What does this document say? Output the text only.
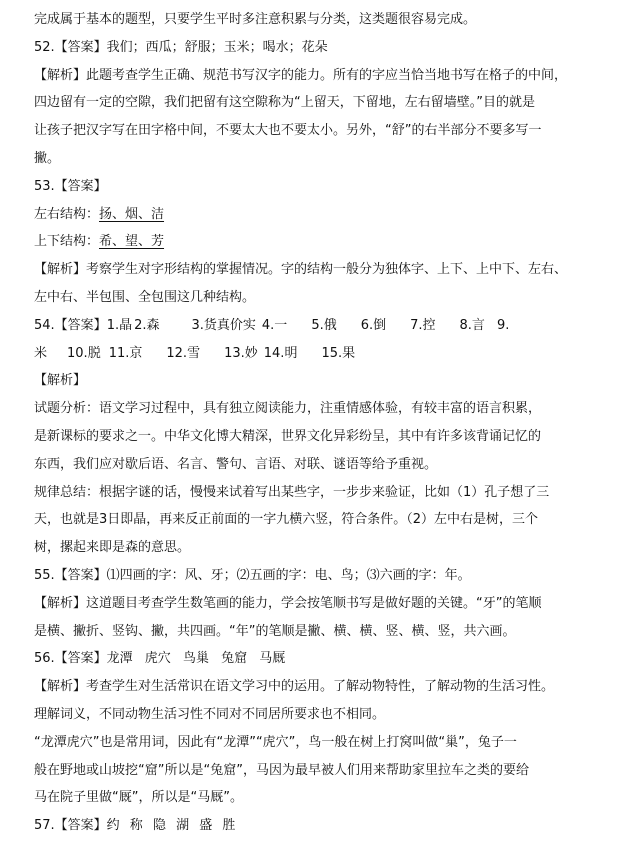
完成属于基本的题型，只要学生平时多注意积累与分类，这类题很容易完成。
52.【答案】我们；西瓜；舒服；玉米；喝水；花朵
【解析】此题考查学生正确、规范书写汉字的能力。所有的字应当恰当地书写在格子的中间，
四边留有一定的空隙，我们把留有这空隙称为“上留天，下留地，左右留墙壁。”目的就是
让孩子把汉字写在田字格中间，不要太大也不要太小。另外，“舒”的右半部分不要多写一
撇。
53.【答案】
左右结构：扬、烟、洁
上下结构：希、望、芳
【解析】考察学生对字形结构的掌握情况。字的结构一般分为独体字、上下、上中下、左右、
左中右、半包围、全包围这几种结构。
54.【答案】1.晶 2.森 3.货真价实 4.一 5.俄 6.倒 7.控 8.言 9.
米 10.脱 11.京 12.雪 13.妙 14.明 15.果
【解析】
试题分析：语文学习过程中，具有独立阅读能力，注重情感体验，有较丰富的语言积累，
是新课标的要求之一。中华文化博大精深，世界文化异彩纷呈，其中有许多该背诵记忆的
东西，我们应对歇后语、名言、警句、言语、对联、谜语等给予重视。
规律总结：根据字谜的话，慢慢来试着写出某些字，一步步来验证，比如（1）孔子想了三
天，也就是3日即晶，再来反正前面的一字九横六竖，符合条件。（2）左中右是树，三个
树，摞起来即是森的意思。
55.【答案】⑴四画的字：风、牙；⑵五画的字：电、鸟；⑶六画的字：年。
【解析】这道题目考查学生数笔画的能力，学会按笔顺书写是做好题的关键。“牙”的笔顺
是横、撇折、竖钩、撇，共四画。“年”的笔顺是撇、横、横、竖、横、竖，共六画。
56.【答案】龙潭 虎穴 鸟巢 兔窟 马厩
【解析】考查学生对生活常识在语文学习中的运用。了解动物特性，了解动物的生活习性。
理解词义，不同动物生活习性不同对不同居所要求也不相同。
“龙潭虎穴”也是常用词，因此有“龙潭”“虎穴”，鸟一般在树上打窝叫做“巢”，兔子一
般在野地或山坡挖“窟”所以是“兔窟”，马因为最早被人们用来帮助家里拉车之类的要给
马在院子里做“厩”，所以是“马厩”。
57.【答案】约 称 隐 湖 盛 胜
